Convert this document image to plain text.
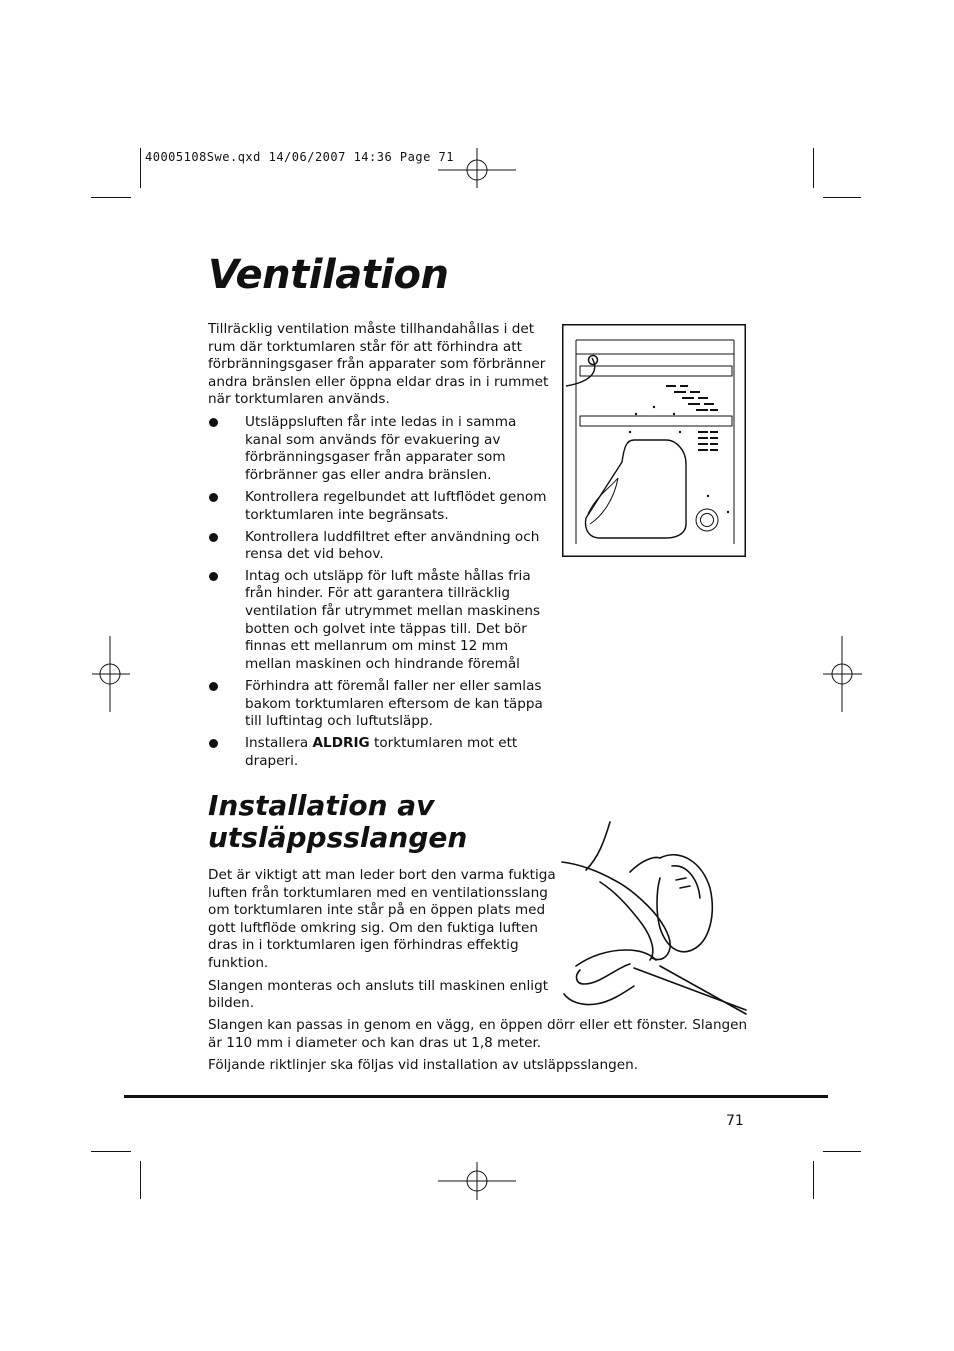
40005108Swe.qxd 14/06/2007 14:36 Page 71
Ventilation

Tillräcklig ventilation måste tillhandahållas i det rum där torktumlaren står för att förhindra att förbränningsgaser från apparater som förbränner andra bränslen eller öppna eldar dras in i rummet när torktumlaren används.

Utsläppsluften får inte ledas in i samma kanal som används för evakuering av förbränningsgaser från apparater som förbränner gas eller andra bränslen.
Kontrollera regelbundet att luftflödet genom torktumlaren inte begränsats.
Kontrollera luddfiltret efter användning och rensa det vid behov.
Intag och utsläpp för luft måste hållas fria från hinder. För att garantera tillräcklig ventilation får utrymmet mellan maskinens botten och golvet inte täppas till. Det bör finnas ett mellanrum om minst 12 mm mellan maskinen och hindrande föremål
Förhindra att föremål faller ner eller samlas bakom torktumlaren eftersom de kan täppa till luftintag och luftutsläpp.
Installera ALDRIG torktumlaren mot ett draperi.
Installation av utsläppsslangen

Det är viktigt att man leder bort den varma fuktiga luften från torktumlaren med en ventilationsslang om torktumlaren inte står på en öppen plats med gott luftflöde omkring sig. Om den fuktiga luften dras in i torktumlaren igen förhindras effektig funktion.

Slangen monteras och ansluts till maskinen enligt bilden.

Slangen kan passas in genom en vägg, en öppen dörr eller ett fönster. Slangen är 110 mm i diameter och kan dras ut 1,8 meter.

Följande riktlinjer ska följas vid installation av utsläppsslangen.

71
